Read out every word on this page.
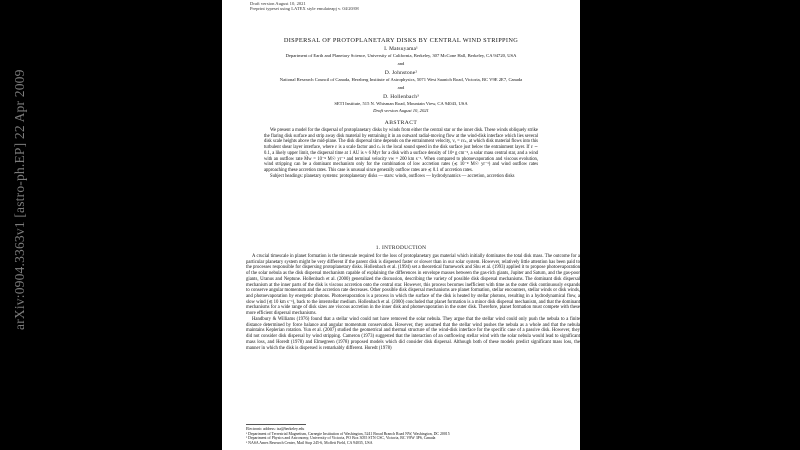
arXiv:0904.3363v1 [astro-ph.EP] 22 Apr 2009
Draft version August 10, 2021
Preprint typeset using LATEX style emulateapj v. 04/20/08
DISPERSAL OF PROTOPLANETARY DISKS BY CENTRAL WIND STRIPPING
I. Matsuyama¹
Department of Earth and Planetary Science, University of California, Berkeley, 307 McCone Hall, Berkeley, CA 94720, USA
and
D. Johnstone²
National Research Council of Canada, Herzberg Institute of Astrophysics, 5071 West Saanich Road, Victoria, BC V9E 2E7, Canada
and
D. Hollenbach³
SETI Institute, 515 N. Whisman Road, Mountain View, CA 94043, USA
Draft version August 10, 2021
ABSTRACT

We present a model for the dispersal of protoplanetary disks by winds from either the central star or the inner disk. These winds obliquely strike the flaring disk surface and strip away disk material by entraining it in an outward radial-moving flow at the wind-disk interface which lies several disk scale heights above the mid-plane. The disk dispersal time depends on the entrainment velocity, vₑ = εcₛ, at which disk material flows into this turbulent shear layer interface, where ε is a scale factor and cₛ is the local sound speed in the disk surface just below the entrainment layer. If ε ∼ 0.1, a likely upper limit, the dispersal time at 1 AU is ≈ 6 Myr for a disk with a surface density of 10³ g cm⁻², a solar mass central star, and a wind with an outflow rate Ṁw = 10⁻⁸ M☉ yr⁻¹ and terminal velocity vw = 200 km s⁻¹. When compared to photoevaporation and viscous evolution, wind stripping can be a dominant mechanism only for the combination of low accretion rates (≲ 10⁻⁸ M☉ yr⁻¹) and wind outflow rates approaching these accretion rates. This case is unusual since generally outflow rates are ≲ 0.1 of accretion rates.

Subject headings: planetary systems: protoplanetary disks — stars: winds, outflows — hydrodynamics — accretion, accretion disks

1. INTRODUCTION

A crucial timescale in planet formation is the timescale required for the loss of protoplanetary gas material which initially dominates the total disk mass. The outcome for a particular planetary system might be very different if the parent disk is dispersed faster or slower than in our solar system. However, relatively little attention has been paid to the processes responsible for dispersing protoplanetary disks. Hollenbach et al. (1994) set a theoretical framework and Shu et al. (1993) applied it to propose photoevaporation of the solar nebula as the disk dispersal mechanism capable of explaining the differences in envelope masses between the gas-rich giants, Jupiter and Saturn, and the gas-poor giants, Uranus and Neptune. Hollenbach et al. (2000) generalized the discussion, describing the variety of possible disk dispersal mechanisms. The dominant disk dispersal mechanism at the inner parts of the disk is viscous accretion onto the central star. However, this process becomes inefficient with time as the outer disk continuously expands to conserve angular momentum and the accretion rate decreases. Other possible disk dispersal mechanisms are planet formation, stellar encounters, stellar winds or disk winds, and photoevaporation by energetic photons. Photoevaporation is a process in which the surface of the disk is heated by stellar photons, resulting in a hydrodynamical flow, a slow wind (≲ 10 km s⁻¹), back to the interstellar medium. Hollenbach et al. (2000) concluded that planet formation is a minor disk dispersal mechanism, and that the dominant mechanisms for a wide range of disk sizes are viscous accretion in the inner disk and photoevaporation in the outer disk. Therefore, planet formation must compete with these more efficient dispersal mechanisms.

Handbury & Williams (1976) found that a stellar wind could not have removed the solar nebula. They argue that the stellar wind could only push the nebula to a finite distance determined by force balance and angular momentum conservation. However, they assumed that the stellar wind pushes the nebula as a whole and that the nebula maintains Keplerian rotation. Yun et al. (2007) studied the geometrical and thermal structure of the wind-disk interface for the specific case of a passive disk. However, they did not consider disk dispersal by wind stripping. Cameron (1973) suggested that the interaction of an outflowing stellar wind with the solar nebula would lead to significant mass loss, and Horedt (1978) and Elmegreen (1978) proposed models which did consider disk dispersal. Although both of these models predict significant mass loss, the manner in which the disk is dispersed is remarkably different. Horedt (1978)

Electronic address: isa@berkeley.edu
¹ Department of Terrestrial Magnetism, Carnegie Institution of Washington, 5241 Broad Branch Road NW, Washington, DC 20015
² Department of Physics and Astronomy, University of Victoria, PO Box 3055 STN CSC, Victoria, BC V8W 3P6, Canada
³ NASA Ames Research Center, Mail Stop 245-6, Moffett Field, CA 94035, USA
